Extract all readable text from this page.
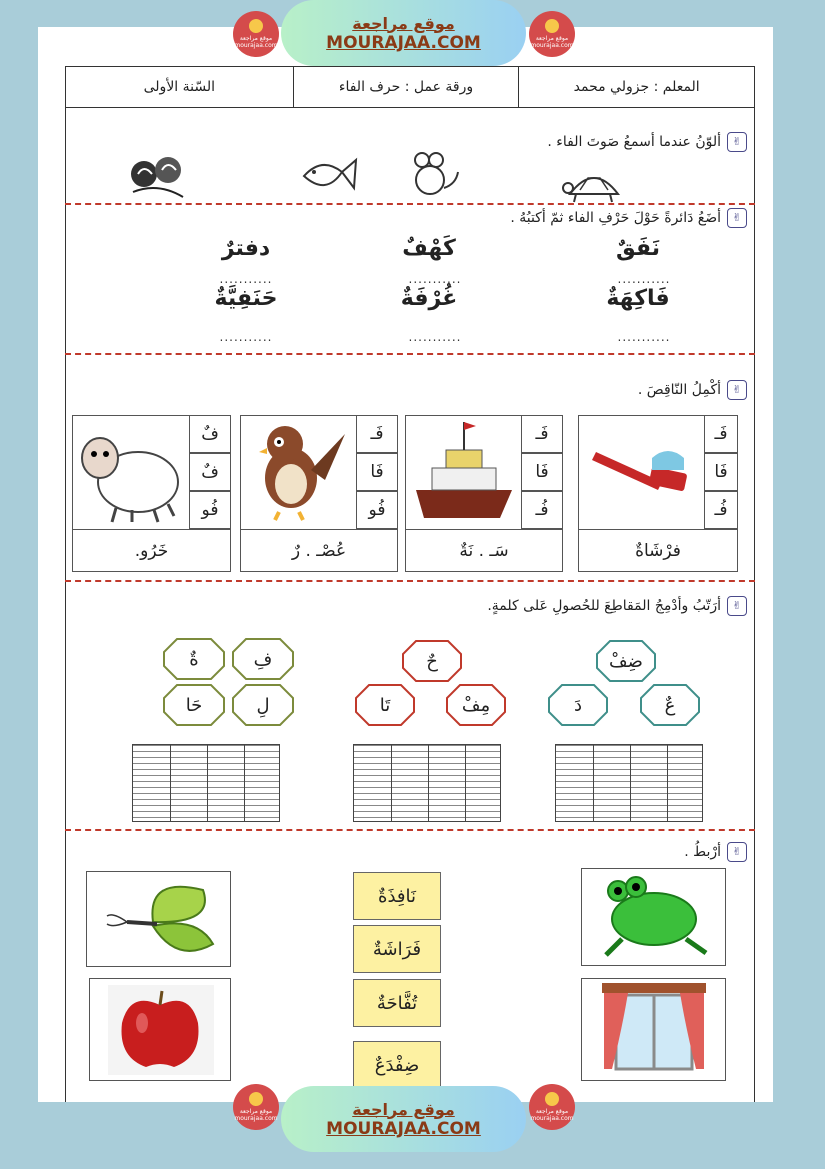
السّنة الأولى	ورقة عمل : حرف الفاء	المعلم : جزولي محمد
✌
ألوّنُ عندما أسمعُ صَوتَ الفاء .
✌
أضَعُ دَائرةً حَوْلَ حَرْفِ الفاء ثمّ أكتبُهُ .
نَفَقٌ
كَهْفٌ
دفترٌ
...........
...........
...........
فَاكِهَةٌ
غُرْفَةٌ
حَنَفِيَّةٌ
...........
...........
...........
✌
أكْمِلُ النّاقِصَ .
فَـ
فَا
فُـ
فرْشَاةٌ
فَـ
فَا
فُـ
سَـ . نَةٌ
فَـ
فَا
فُو
عُصْـ . رٌ
فٌ
فٌ
فُو
خَرُو.
✌
أرَتّبُ وأدْمِجُ المَقاطِعَ للحُصولِ عَلى كلمةٍ.
ضِفْ
عٌ
دَ
حٌ
مِفْ
تَا
فِ
ةٌ
لِ
حَا
✌
أرْبطُ .
نَافِذَةٌ
فَرَاشَةٌ
تُفَّاحَةٌ
ضِفْدَعٌ
موقع مراجعة
mourajaa.com
موقع مراجعة
MOURAJAA.COM	موقع مراجعة
mourajaa.com
موقع مراجعة
mourajaa.com	موقع مراجعة
MOURAJAA.COM
موقع مراجعة
mourajaa.com
